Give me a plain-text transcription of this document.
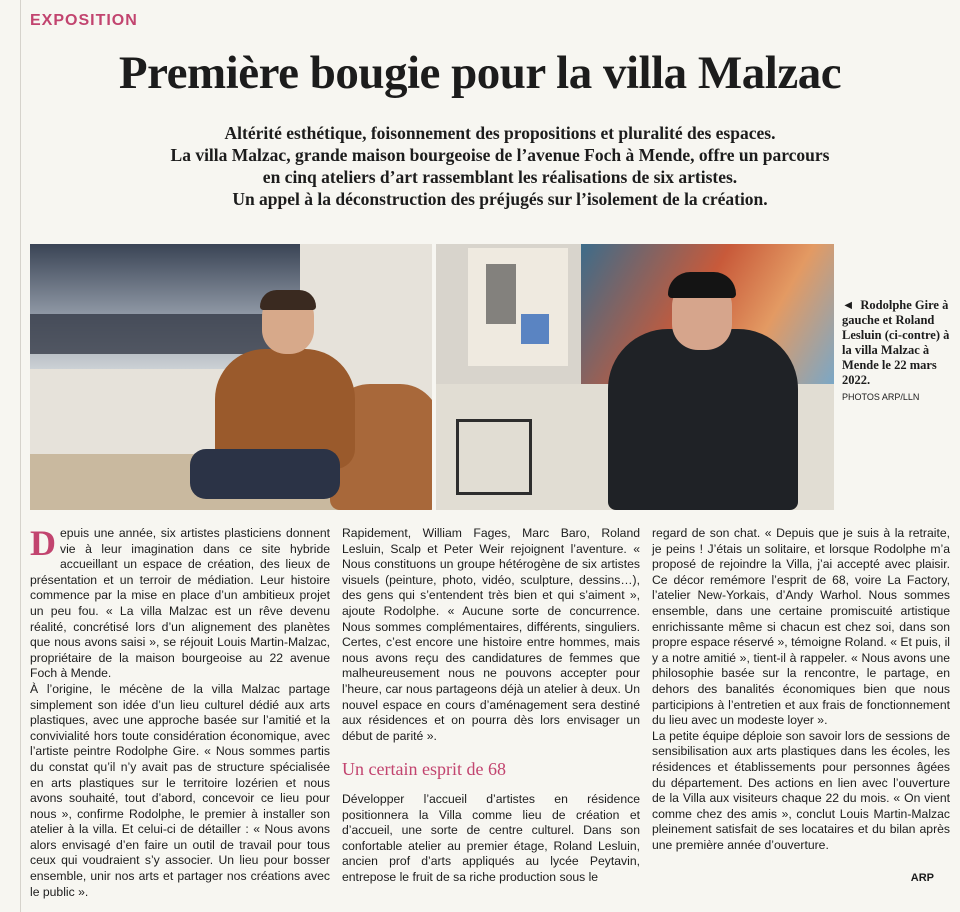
EXPOSITION
Première bougie pour la villa Malzac
Altérité esthétique, foisonnement des propositions et pluralité des espaces.
La villa Malzac, grande maison bourgeoise de l’avenue Foch à Mende, offre un parcours
en cinq ateliers d’art rassemblant les réalisations de six artistes.
Un appel à la déconstruction des préjugés sur l’isolement de la création.
◄ Rodolphe Gire à gauche et Roland Lesluin (ci-contre) à la villa Malzac à Mende le 22 mars 2022.
PHOTOS ARP/LLN

Depuis une année, six artistes plasticiens donnent vie à leur imagination dans ce site hybride accueillant un espace de création, des lieux de présentation et un terroir de médiation. Leur histoire commence par la mise en place d’un ambitieux projet un peu fou. « La villa Malzac est un rêve devenu réalité, concrétisé lors d’un alignement des planètes que nous avons saisi », se réjouit Louis Martin-Malzac, propriétaire de la maison bourgeoise au 22 avenue Foch à Mende.

À l’origine, le mécène de la villa Malzac partage simplement son idée d’un lieu culturel dédié aux arts plastiques, avec une approche basée sur l’amitié et la convivialité hors toute considération économique, avec l’artiste peintre Rodolphe Gire. « Nous sommes partis du constat qu’il n’y avait pas de structure spécialisée en arts plastiques sur le territoire lozérien et nous avons souhaité, tout d’abord, concevoir ce lieu pour nous », confirme Rodolphe, le premier à installer son atelier à la villa. Et celui-ci de détailler : « Nous avons alors envisagé d’en faire un outil de travail pour tous ceux qui voudraient s’y associer. Un lieu pour bosser ensemble, unir nos arts et partager nos créations avec le public ».

Rapidement, William Fages, Marc Baro, Roland Lesluin, Scalp et Peter Weir rejoignent l’aventure. « Nous constituons un groupe hétérogène de six artistes visuels (peinture, photo, vidéo, sculpture, dessins…), des gens qui s’entendent très bien et qui s’aiment », ajoute Rodolphe. « Aucune sorte de concurrence. Nous sommes complémentaires, différents, singuliers. Certes, c’est encore une histoire entre hommes, mais nous avons reçu des candidatures de femmes que malheureusement nous ne pouvons accepter pour l’heure, car nous partageons déjà un atelier à deux. Un nouvel espace en cours d’aménagement sera destiné aux résidences et on pourra dès lors envisager un début de parité ».

Un certain esprit de 68

Développer l’accueil d’artistes en résidence positionnera la Villa comme lieu de création et d’accueil, une sorte de centre culturel. Dans son confortable atelier au premier étage, Roland Lesluin, ancien prof d’arts appliqués au lycée Peytavin, entrepose le fruit de sa riche production sous le

regard de son chat. « Depuis que je suis à la retraite, je peins ! J’étais un solitaire, et lorsque Rodolphe m’a proposé de rejoindre la Villa, j’ai accepté avec plaisir. Ce décor remémore l’esprit de 68, voire La Factory, l’atelier New-Yorkais, d’Andy Warhol. Nous sommes ensemble, dans une certaine promiscuité artistique enrichissante même si chacun est chez soi, dans son propre espace réservé », témoigne Roland. « Et puis, il y a notre amitié », tient-il à rappeler. « Nous avons une philosophie basée sur la rencontre, le partage, en dehors des banalités économiques bien que nous participions à l’entretien et aux frais de fonctionnement du lieu avec un modeste loyer ».

La petite équipe déploie son savoir lors de sessions de sensibilisation aux arts plastiques dans les écoles, les résidences et établissements pour personnes âgées du département. Des actions en lien avec l’ouverture de la Villa aux visiteurs chaque 22 du mois. « On vient comme chez des amis », conclut Louis Martin-Malzac pleinement satisfait de ses locataires et du bilan après une première année d’ouverture.

ARP
